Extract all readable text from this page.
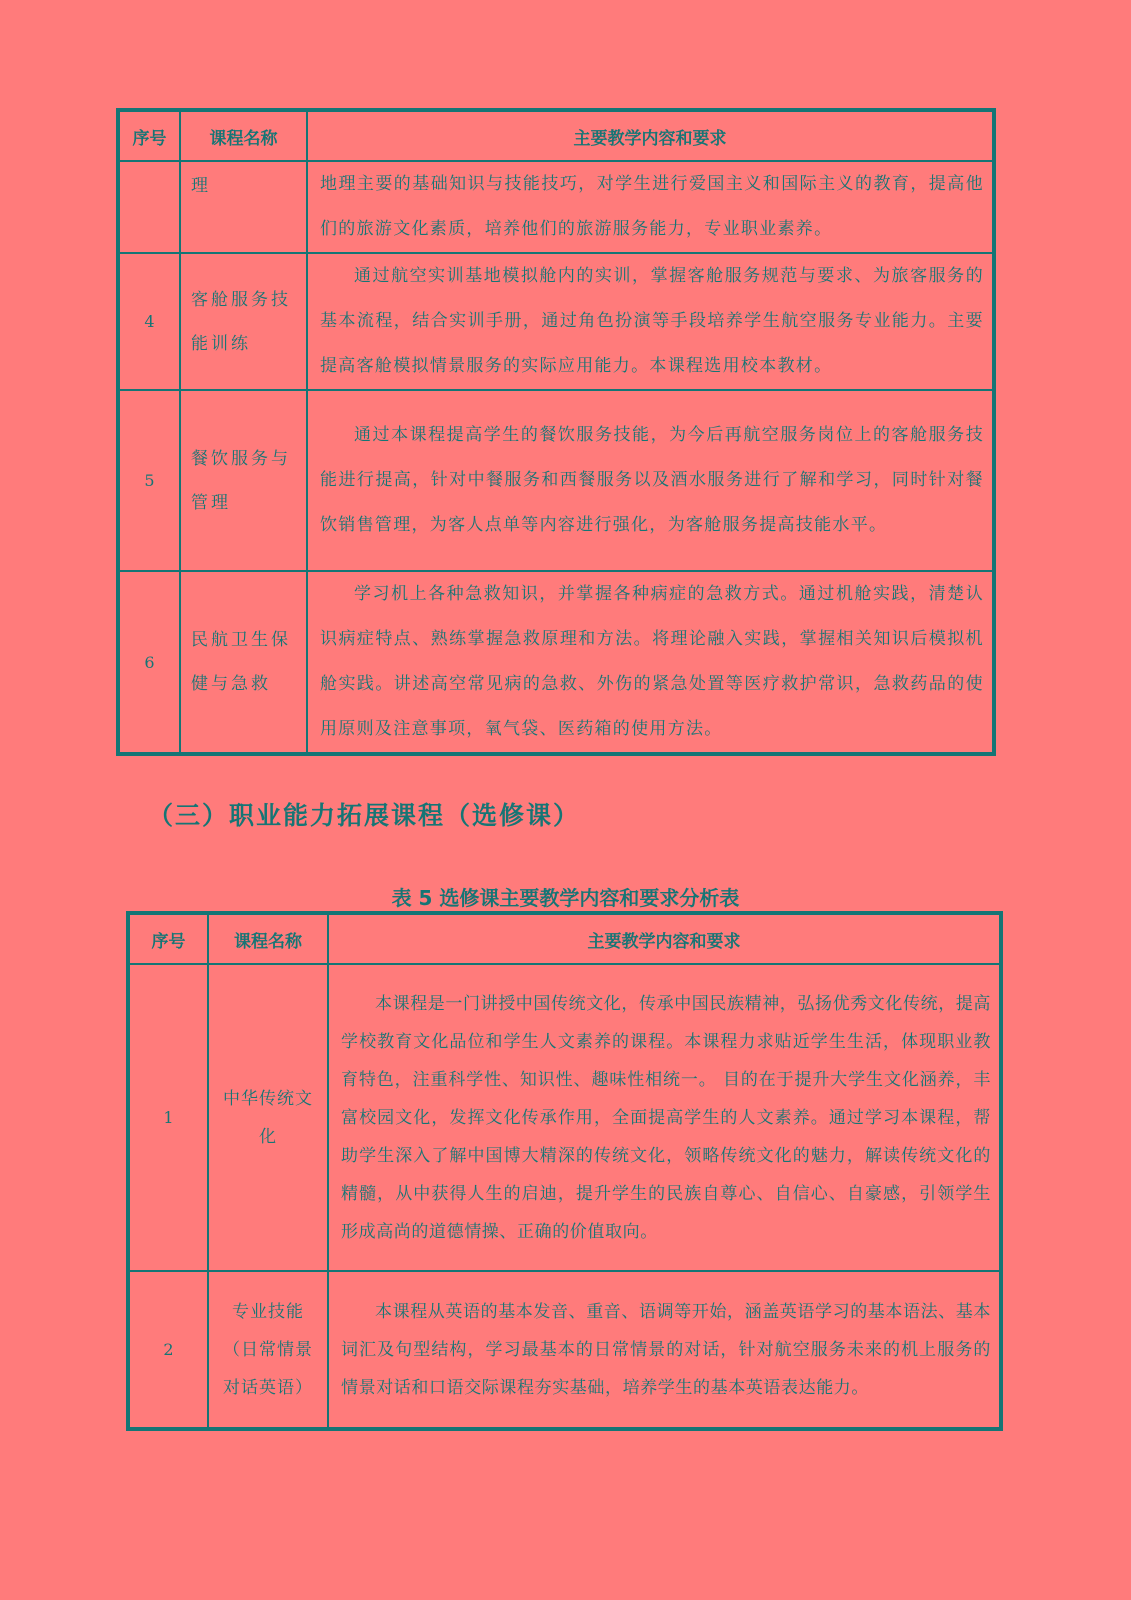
序号	课程名称	主要教学内容和要求
	理	地理主要的基础知识与技能技巧，对学生进行爱国主义和国际主义的教育，提高他们的旅游文化素质，培养他们的旅游服务能力，专业职业素养。
4	客舱服务技能训练	通过航空实训基地模拟舱内的实训，掌握客舱服务规范与要求、为旅客服务的基本流程，结合实训手册，通过角色扮演等手段培养学生航空服务专业能力。主要提高客舱模拟情景服务的实际应用能力。本课程选用校本教材。
5	餐饮服务与管理	通过本课程提高学生的餐饮服务技能，为今后再航空服务岗位上的客舱服务技能进行提高，针对中餐服务和西餐服务以及酒水服务进行了解和学习，同时针对餐饮销售管理，为客人点单等内容进行强化，为客舱服务提高技能水平。
6	民航卫生保健与急救	学习机上各种急救知识，并掌握各种病症的急救方式。通过机舱实践，清楚认识病症特点、熟练掌握急救原理和方法。将理论融入实践，掌握相关知识后模拟机舱实践。讲述高空常见病的急救、外伤的紧急处置等医疗救护常识，急救药品的使用原则及注意事项，氧气袋、医药箱的使用方法。
（三）职业能力拓展课程（选修课）

表 5 选修课主要教学内容和要求分析表

序号	课程名称	主要教学内容和要求
1	中华传统文化	本课程是一门讲授中国传统文化，传承中国民族精神，弘扬优秀文化传统，提高学校教育文化品位和学生人文素养的课程。本课程力求贴近学生生活，体现职业教育特色，注重科学性、知识性、趣味性相统一。 目的在于提升大学生文化涵养，丰富校园文化，发挥文化传承作用，全面提高学生的人文素养。通过学习本课程，帮助学生深入了解中国博大精深的传统文化，领略传统文化的魅力，解读传统文化的精髓，从中获得人生的启迪，提升学生的民族自尊心、自信心、自豪感，引领学生形成高尚的道德情操、正确的价值取向。
2	专业技能（日常情景对话英语）	本课程从英语的基本发音、重音、语调等开始，涵盖英语学习的基本语法、基本词汇及句型结构，学习最基本的日常情景的对话，针对航空服务未来的机上服务的情景对话和口语交际课程夯实基础，培养学生的基本英语表达能力。
